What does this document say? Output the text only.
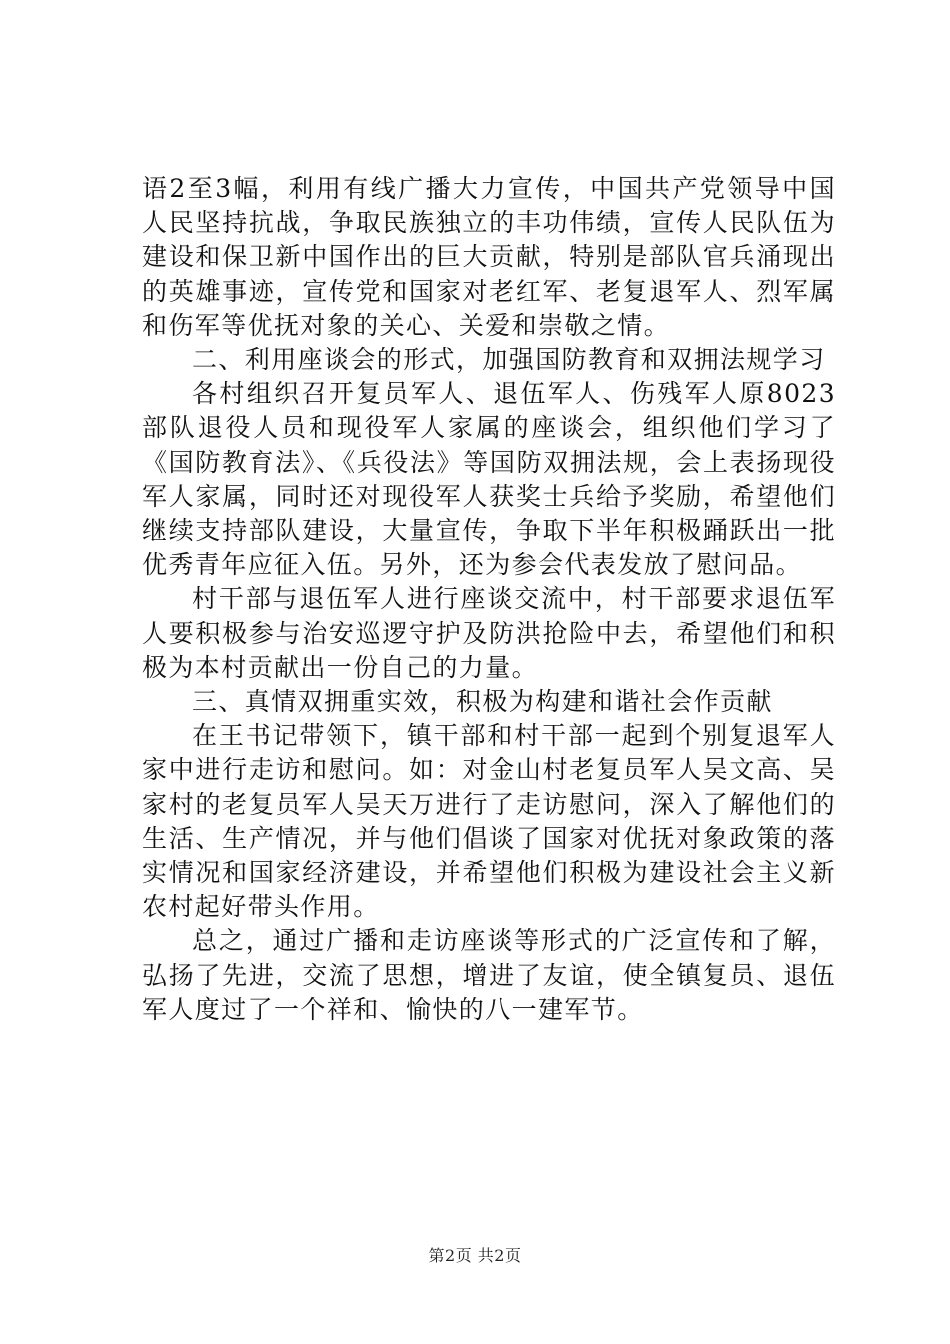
语2至3幅，利用有线广播大力宣传，中国共产党领导中国人民坚持抗战，争取民族独立的丰功伟绩，宣传人民队伍为建设和保卫新中国作出的巨大贡献，特别是部队官兵涌现出的英雄事迹，宣传党和国家对老红军、老复退军人、烈军属和伤军等优抚对象的关心、关爱和崇敬之情。

二、利用座谈会的形式，加强国防教育和双拥法规学习

各村组织召开复员军人、退伍军人、伤残军人原8023部队退役人员和现役军人家属的座谈会，组织他们学习了《国防教育法》、《兵役法》等国防双拥法规，会上表扬现役军人家属，同时还对现役军人获奖士兵给予奖励，希望他们继续支持部队建设，大量宣传，争取下半年积极踊跃出一批优秀青年应征入伍。另外，还为参会代表发放了慰问品。

村干部与退伍军人进行座谈交流中，村干部要求退伍军人要积极参与治安巡逻守护及防洪抢险中去，希望他们和积极为本村贡献出一份自己的力量。

三、真情双拥重实效，积极为构建和谐社会作贡献

在王书记带领下，镇干部和村干部一起到个别复退军人家中进行走访和慰问。如：对金山村老复员军人吴文高、吴家村的老复员军人吴天万进行了走访慰问，深入了解他们的生活、生产情况，并与他们倡谈了国家对优抚对象政策的落实情况和国家经济建设，并希望他们积极为建设社会主义新农村起好带头作用。

总之，通过广播和走访座谈等形式的广泛宣传和了解，弘扬了先进，交流了思想，增进了友谊，使全镇复员、退伍军人度过了一个祥和、愉快的八一建军节。

第2页 共2页
